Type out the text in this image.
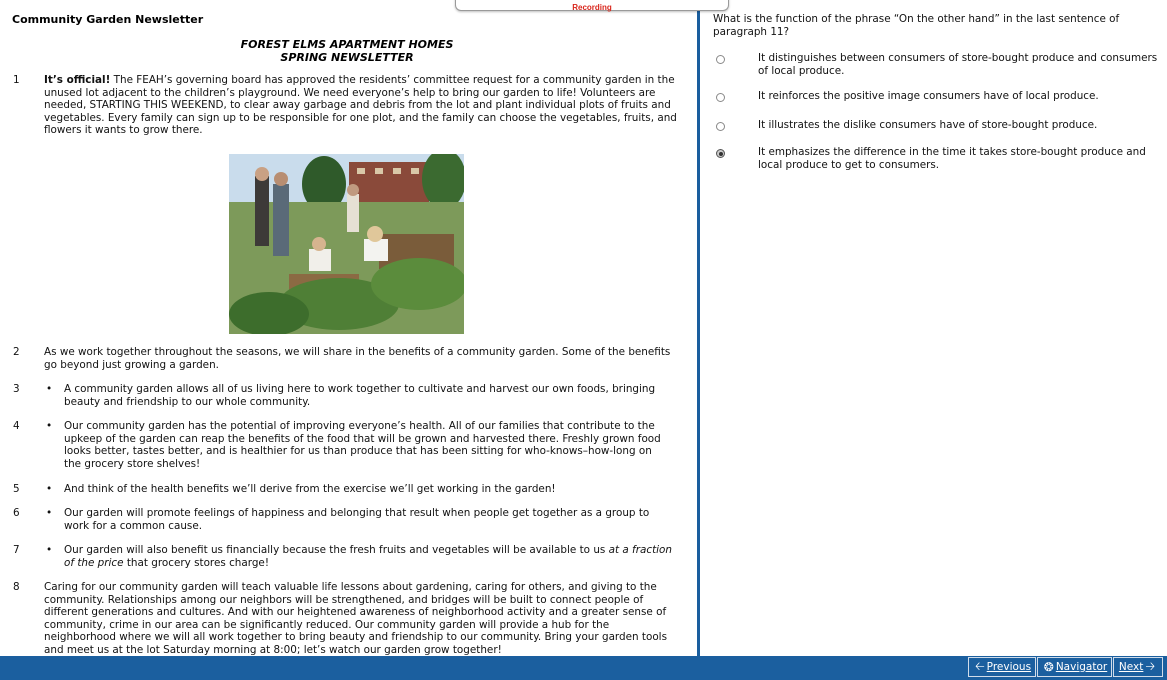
Recording
Community Garden Newsletter
FOREST ELMS APARTMENT HOMES
SPRING NEWSLETTER
1 It’s official! The FEAH’s governing board has approved the residents’ committee request for a community garden in the unused lot adjacent to the children’s playground. We need everyone’s help to bring our garden to life! Volunteers are needed, STARTING THIS WEEKEND, to clear away garbage and debris from the lot and plant individual plots of fruits and vegetables. Every family can sign up to be responsible for one plot, and the family can choose the vegetables, fruits, and flowers it wants to grow there.
2 As we work together throughout the seasons, we will share in the benefits of a community garden. Some of the benefits go beyond just growing a garden.
3	• A community garden allows all of us living here to work together to cultivate and harvest our own foods, bringing beauty and friendship to our whole community.
4	• Our community garden has the potential of improving everyone’s health. All of our families that contribute to the upkeep of the garden can reap the benefits of the food that will be grown and harvested there. Freshly grown food looks better, tastes better, and is healthier for us than produce that has been sitting for who-knows–how-long on the grocery store shelves!
5	• And think of the health benefits we’ll derive from the exercise we’ll get working in the garden!
6	• Our garden will promote feelings of happiness and belonging that result when people get together as a group to work for a common cause.
7	• Our garden will also benefit us financially because the fresh fruits and vegetables will be available to us at a fraction of the price that grocery stores charge!
8 Caring for our community garden will teach valuable life lessons about gardening, caring for others, and giving to the community. Relationships among our neighbors will be strengthened, and bridges will be built to connect people of different generations and cultures. And with our heightened awareness of neighborhood activity and a greater sense of community, crime in our area can be significantly reduced. Our community garden will provide a hub for the neighborhood where we will all work together to bring beauty and friendship to our community. Bring your garden tools and meet us at the lot Saturday morning at 8:00; let’s watch our garden grow together!
What is the function of the phrase “On the other hand” in the last sentence of paragraph 11?
It distinguishes between consumers of store-bought produce and consumers of local produce.
It reinforces the positive image consumers have of local produce.
It illustrates the dislike consumers have of store-bought produce.
It emphasizes the difference in the time it takes store-bought produce and local produce to get to consumers.
🡠 Previous ❂ Navigator Next 🡢
